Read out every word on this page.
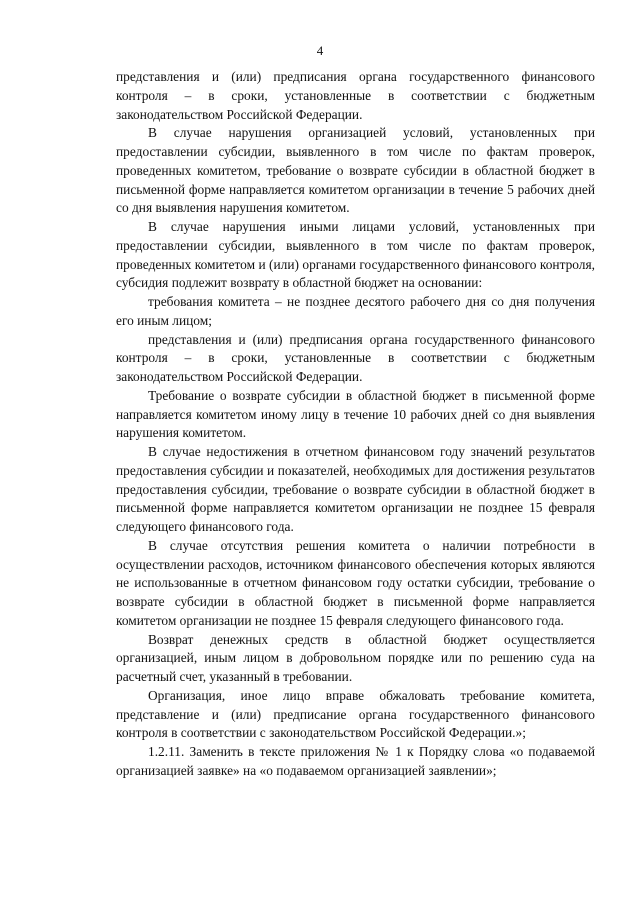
4

представления и (или) предписания органа государственного финансового контроля – в сроки, установленные в соответствии с бюджетным законодательством Российской Федерации.

В случае нарушения организацией условий, установленных при предоставлении субсидии, выявленного в том числе по фактам проверок, проведенных комитетом, требование о возврате субсидии в областной бюджет в письменной форме направляется комитетом организации в течение 5 рабочих дней со дня выявления нарушения комитетом.

В случае нарушения иными лицами условий, установленных при предоставлении субсидии, выявленного в том числе по фактам проверок, проведенных комитетом и (или) органами государственного финансового контроля, субсидия подлежит возврату в областной бюджет на основании:

требования комитета – не позднее десятого рабочего дня со дня получения его иным лицом;

представления и (или) предписания органа государственного финансового контроля – в сроки, установленные в соответствии с бюджетным законодательством Российской Федерации.

Требование о возврате субсидии в областной бюджет в письменной форме направляется комитетом иному лицу в течение 10 рабочих дней со дня выявления нарушения комитетом.

В случае недостижения в отчетном финансовом году значений результатов предоставления субсидии и показателей, необходимых для достижения результатов предоставления субсидии, требование о возврате субсидии в областной бюджет в письменной форме направляется комитетом организации не позднее 15 февраля следующего финансового года.

В случае отсутствия решения комитета о наличии потребности в осуществлении расходов, источником финансового обеспечения которых являются не использованные в отчетном финансовом году остатки субсидии, требование о возврате субсидии в областной бюджет в письменной форме направляется комитетом организации не позднее 15 февраля следующего финансового года.

Возврат денежных средств в областной бюджет осуществляется организацией, иным лицом в добровольном порядке или по решению суда на расчетный счет, указанный в требовании.

Организация, иное лицо вправе обжаловать требование комитета, представление и (или) предписание органа государственного финансового контроля в соответствии с законодательством Российской Федерации.»;

1.2.11. Заменить в тексте приложения № 1 к Порядку слова «о подаваемой организацией заявке» на «о подаваемом организацией заявлении»;
